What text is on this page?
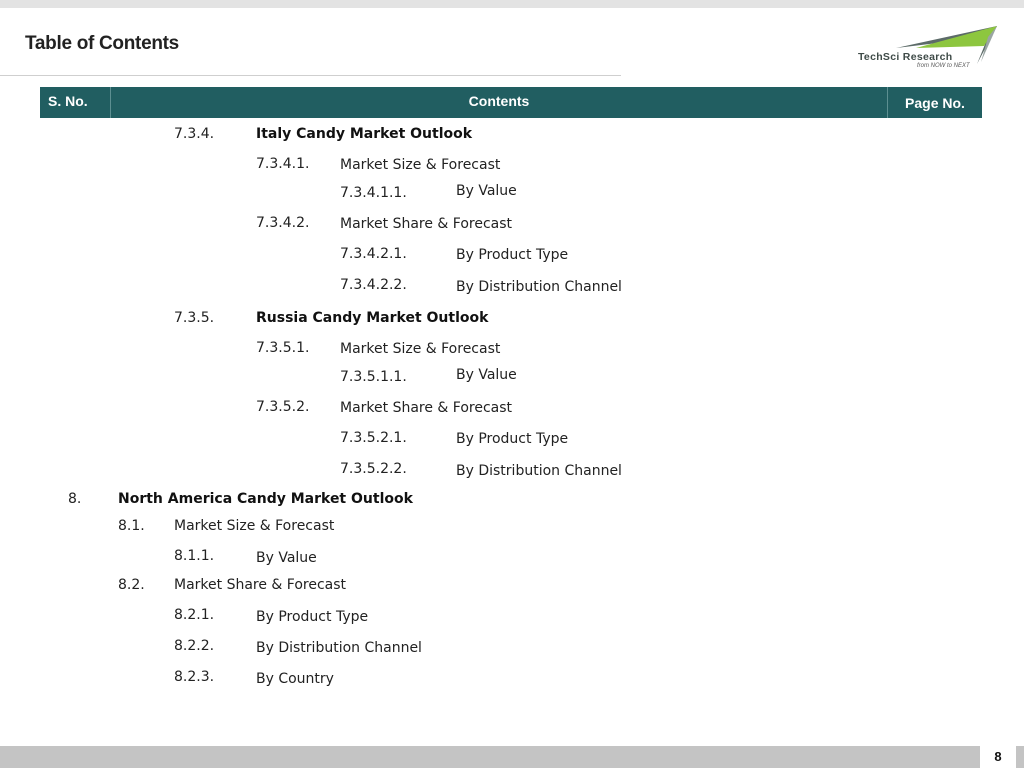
Table of Contents
TechSci Research
from NOW to NEXT
S. No.	Contents	Page No.
7.3.4.	Italy Candy Market Outlook
7.3.4.1. Market Size & Forecast
7.3.4.1.1.	By Value
7.3.4.2. Market Share & Forecast
7.3.4.2.1.	By Product Type
7.3.4.2.2.	By Distribution Channel
7.3.5.	Russia Candy Market Outlook
7.3.5.1. Market Size & Forecast
7.3.5.1.1.	By Value
7.3.5.2. Market Share & Forecast
7.3.5.2.1.	By Product Type
7.3.5.2.2.	By Distribution Channel
8.	North America Candy Market Outlook
8.1. Market Size & Forecast
8.1.1.	By Value
8.2. Market Share & Forecast
8.2.1.	By Product Type
8.2.2.	By Distribution Channel
8.2.3.	By Country
8
